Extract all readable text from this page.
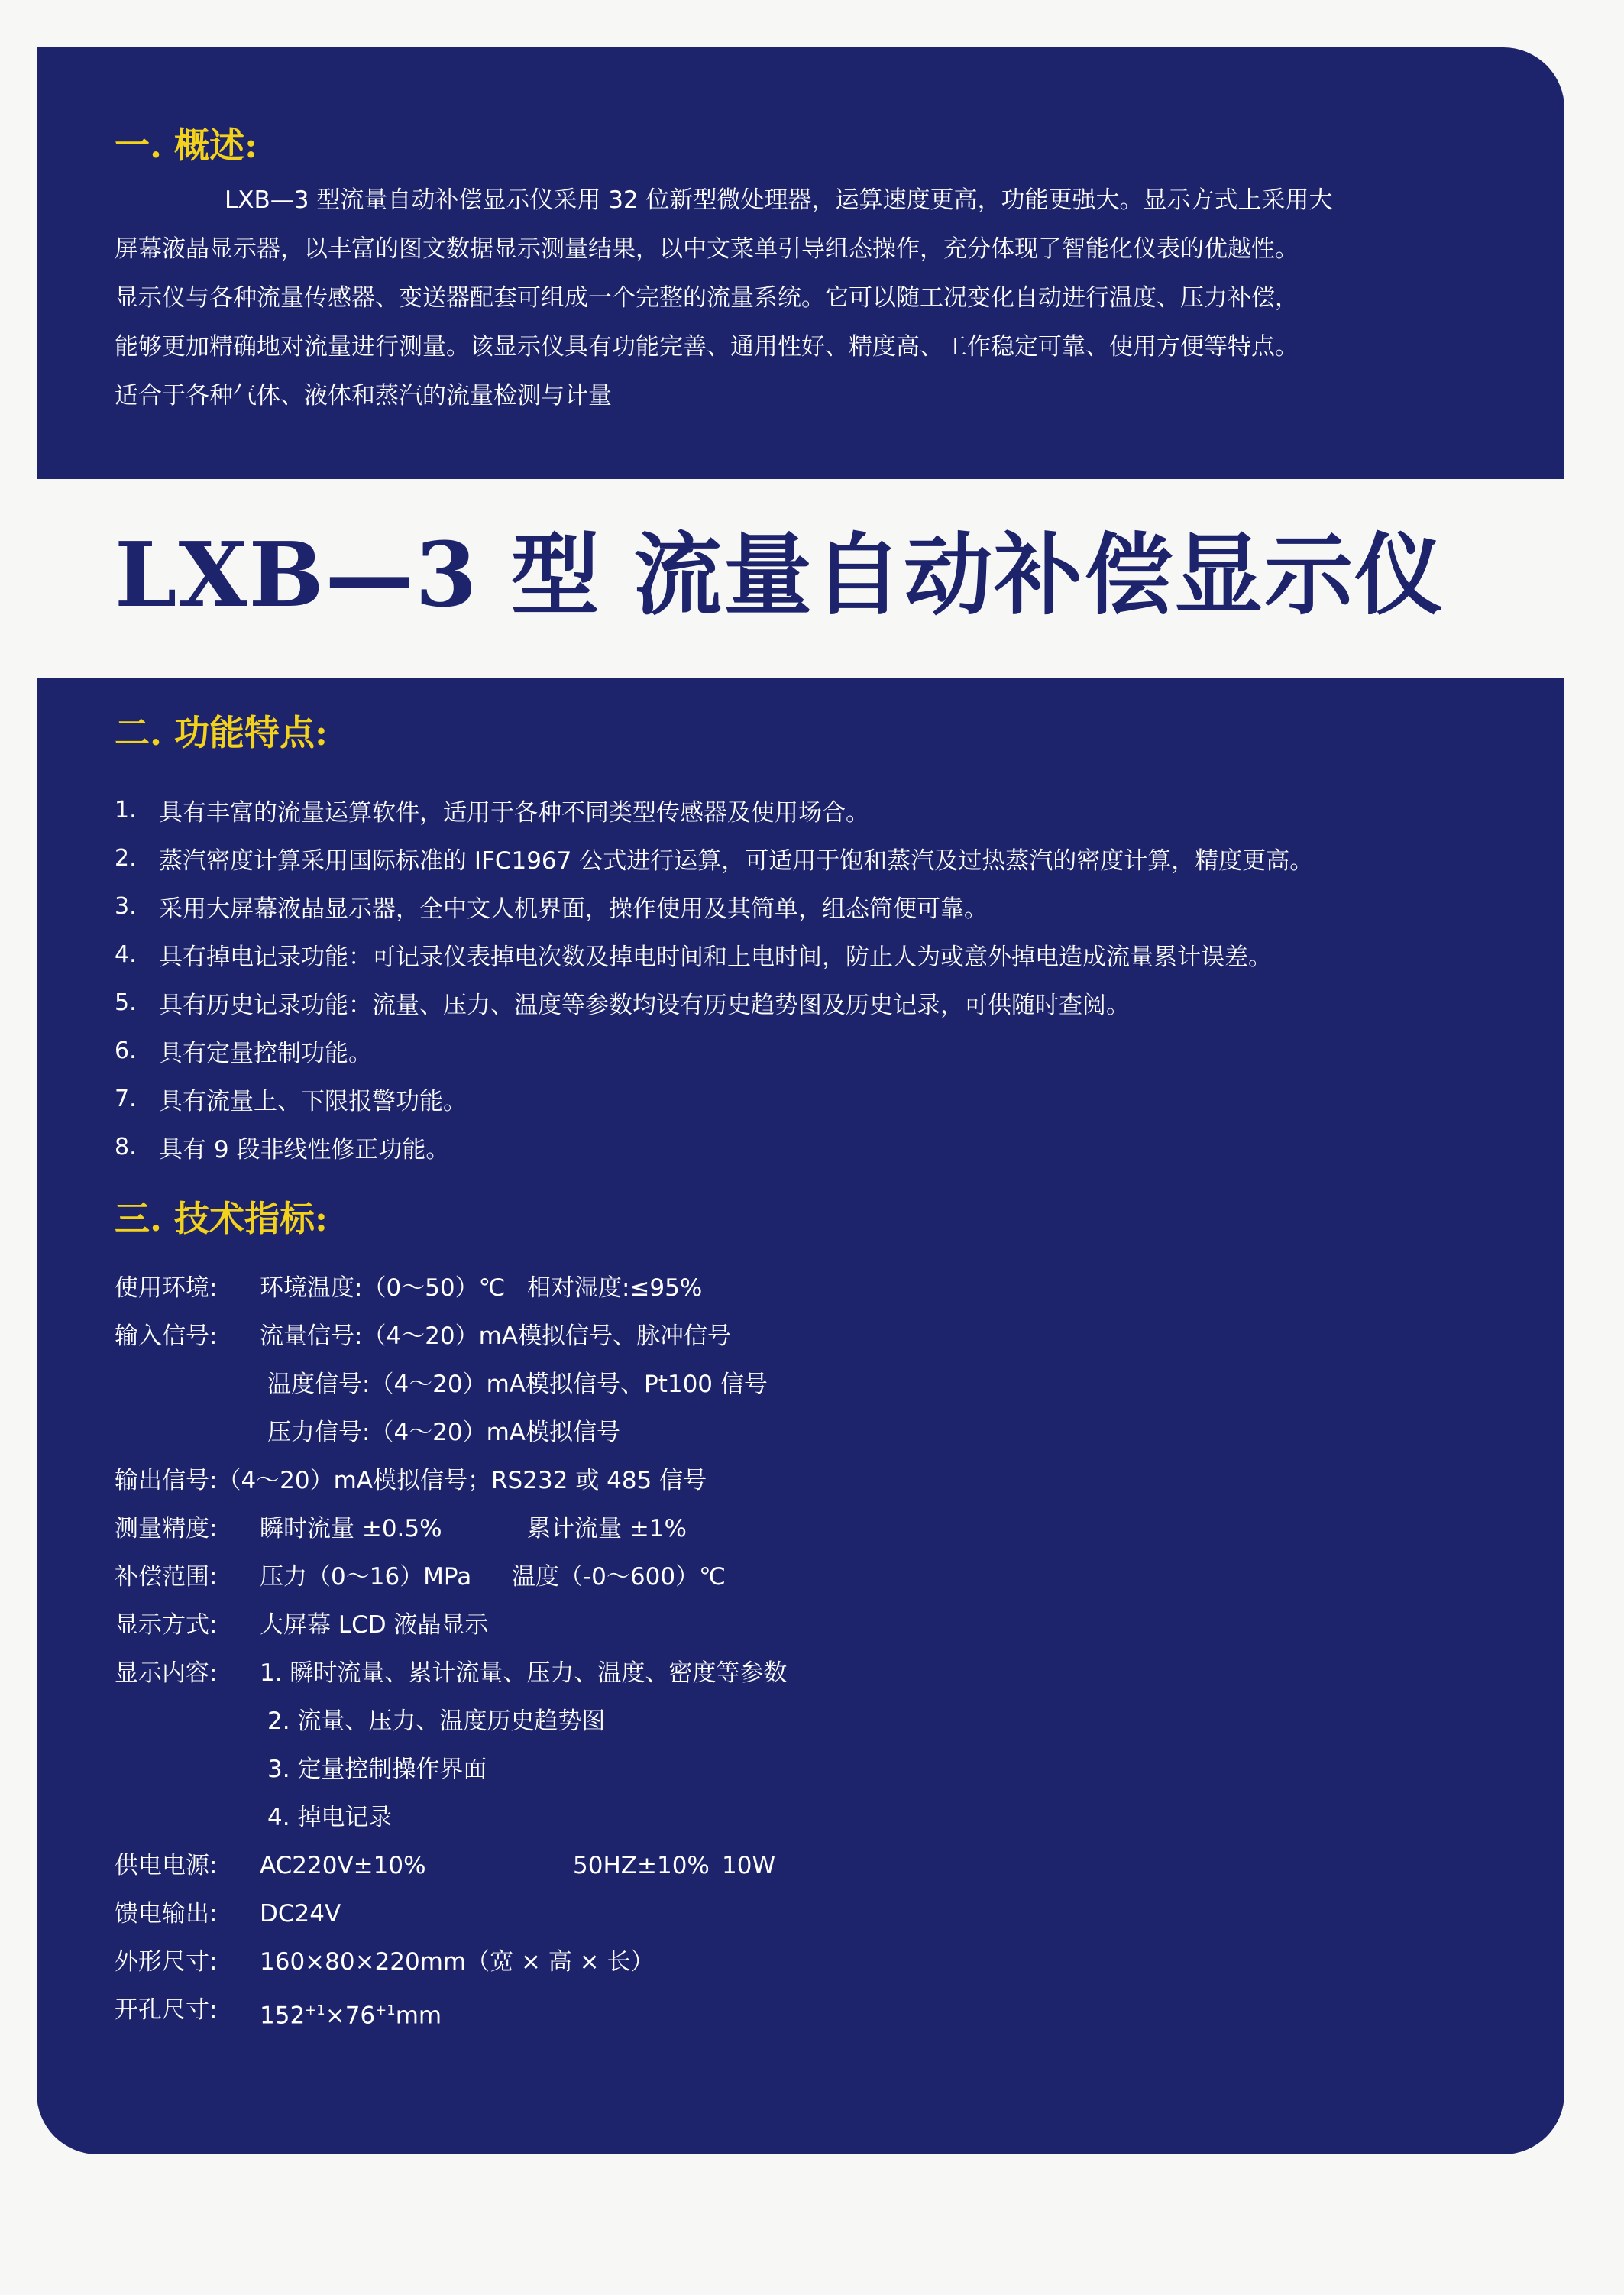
一. 概述:

LXB—3 型流量自动补偿显示仪采用 32 位新型微处理器，运算速度更高，功能更强大。显示方式上采用大

屏幕液晶显示器，以丰富的图文数据显示测量结果，以中文菜单引导组态操作，充分体现了智能化仪表的优越性。

显示仪与各种流量传感器、变送器配套可组成一个完整的流量系统。它可以随工况变化自动进行温度、压力补偿，

能够更加精确地对流量进行测量。该显示仪具有功能完善、通用性好、精度高、工作稳定可靠、使用方便等特点。

适合于各种气体、液体和蒸汽的流量检测与计量

LXB—3 型 流量自动补偿显示仪
二. 功能特点:
1. 具有丰富的流量运算软件，适用于各种不同类型传感器及使用场合。
2. 蒸汽密度计算采用国际标准的 IFC1967 公式进行运算，可适用于饱和蒸汽及过热蒸汽的密度计算，精度更高。
3. 采用大屏幕液晶显示器，全中文人机界面，操作使用及其简单，组态简便可靠。
4. 具有掉电记录功能：可记录仪表掉电次数及掉电时间和上电时间，防止人为或意外掉电造成流量累计误差。
5. 具有历史记录功能：流量、压力、温度等参数均设有历史趋势图及历史记录，可供随时查阅。
6. 具有定量控制功能。
7. 具有流量上、下限报警功能。
8. 具有 9 段非线性修正功能。
三. 技术指标:
使用环境: 环境温度:（0～50）℃ 相对湿度:≤95%
输入信号: 流量信号:（4～20）mA模拟信号、脉冲信号
温度信号:（4～20）mA模拟信号、Pt100 信号
压力信号:（4～20）mA模拟信号
输出信号:（4～20）mA模拟信号；RS232 或 485 信号
测量精度: 瞬时流量 ±0.5%	累计流量 ±1%
补偿范围: 压力（0～16）MPa 温度（-0～600）℃
显示方式: 大屏幕 LCD 液晶显示
显示内容: 1. 瞬时流量、累计流量、压力、温度、密度等参数
2. 流量、压力、温度历史趋势图
3. 定量控制操作界面
4. 掉电记录
供电电源: AC220V±10%	50HZ±10% 10W
馈电输出: DC24V
外形尺寸: 160×80×220mm（宽 × 高 × 长）
开孔尺寸: $152^{+1}\times 76^{+1}mm$
